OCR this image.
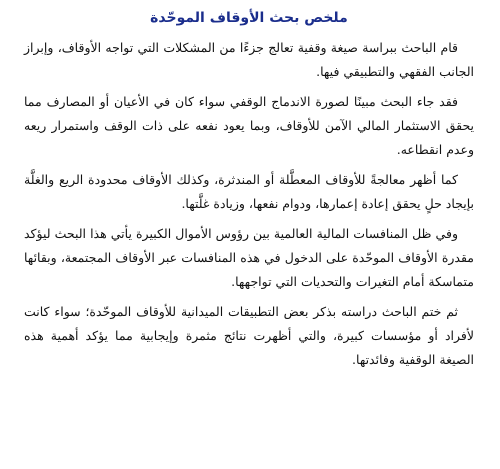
ملخص بحث الأوقاف الموحّدة

قام الباحث ببراسة صيغة وقفية تعالج جزءًا من المشكلات التي تواجه الأوقاف، وإبراز الجانب الفقهي والتطبيقي فيها.

فقد جاء البحث مبينًا لصورة الاندماج الوقفي سواء كان في الأعيان أو المصارف مما يحقق الاستثمار المالي الآمن للأوقاف، وبما يعود نفعه على ذات الوقف واستمرار ريعه وعدم انقطاعه.

كما أظهر معالجةً للأوقاف المعطَّلة أو المندثرة، وكذلك الأوقاف محدودة الريع والغلَّة بإيجاد حلٍ يحقق إعادة إعمارها، ودوام نفعها، وزيادة غلَّتها.

وفي ظل المنافسات المالية العالمية بين رؤوس الأموال الكبيرة يأتي هذا البحث ليؤكد مقدرة الأوقاف الموحّدة على الدخول في هذه المنافسات عبر الأوقاف المجتمعة، وبقائها متماسكة أمام التغيرات والتحديات التي تواجهها.

ثم ختم الباحث دراسته بذكر بعض التطبيقات الميدانية للأوقاف الموحّدة؛ سواء كانت لأفراد أو مؤسسات كبيرة، والتي أظهرت نتائج مثمرة وإيجابية مما يؤكد أهمية هذه الصيغة الوقفية وفائدتها.
